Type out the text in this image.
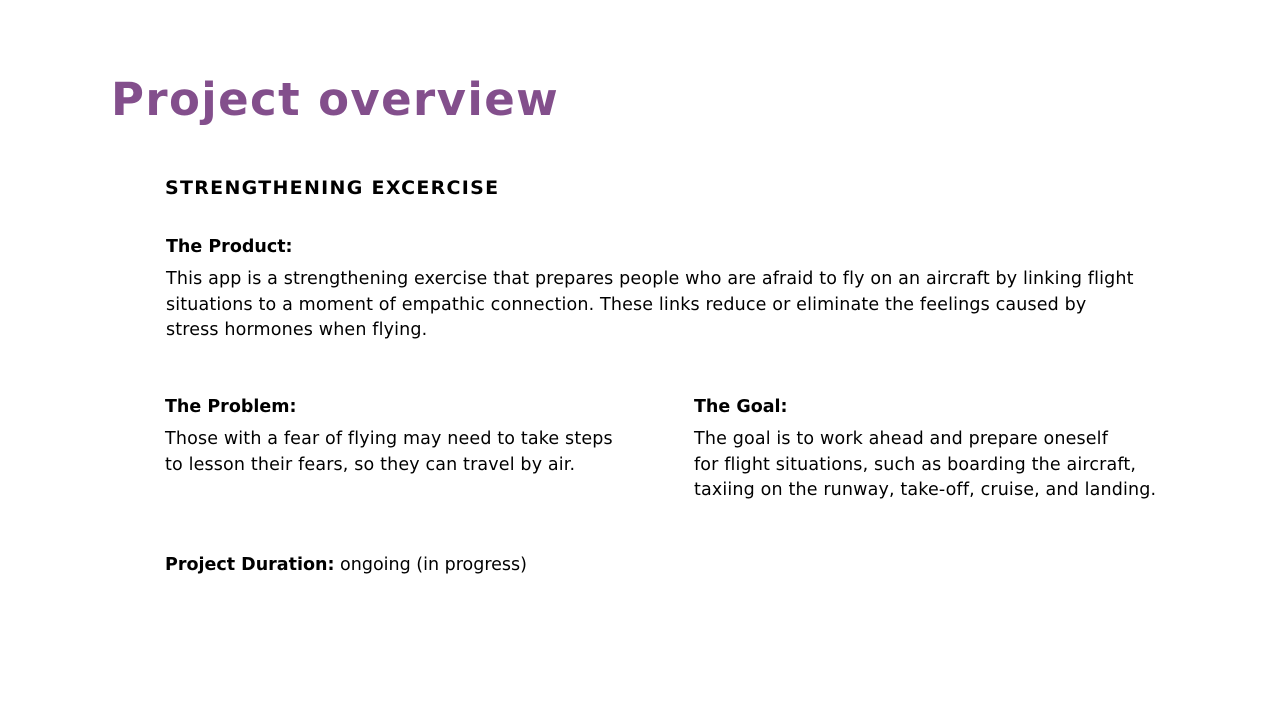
Project overview
STRENGTHENING EXCERCISE

The Product:

This app is a strengthening exercise that prepares people who are afraid to fly on an aircraft by linking flight
situations to a moment of empathic connection. These links reduce or eliminate the feelings caused by
stress hormones when flying.

The Problem:

Those with a fear of flying may need to take steps
to lesson their fears, so they can travel by air.

The Goal:

The goal is to work ahead and prepare oneself
for flight situations, such as boarding the aircraft,
taxiing on the runway, take-off, cruise, and landing.

Project Duration: ongoing (in progress)
